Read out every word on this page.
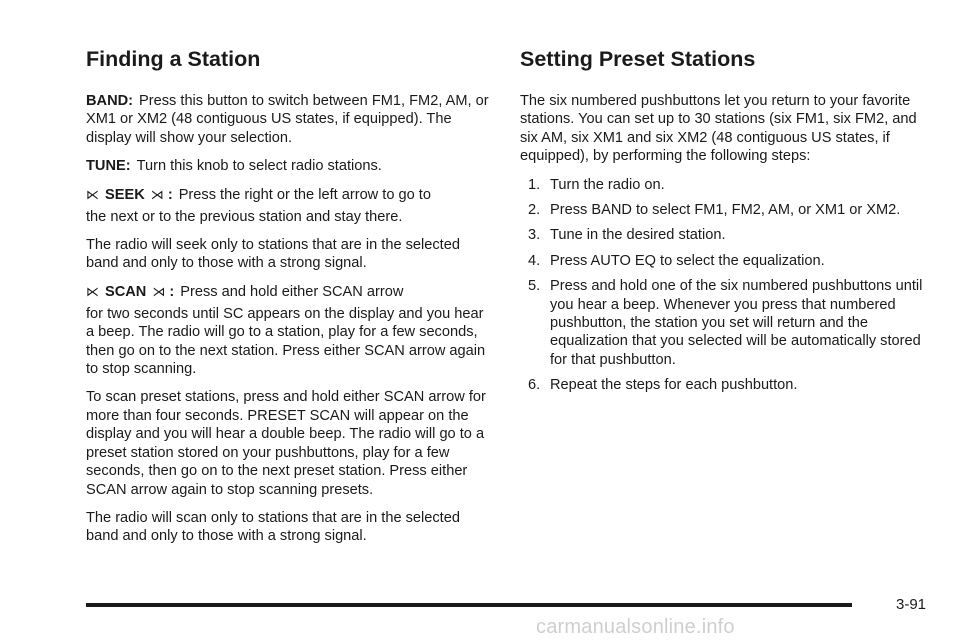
Finding a Station

BAND: Press this button to switch between FM1, FM2, AM, or XM1 or XM2 (48 contiguous US states, if equipped). The display will show your selection.

TUNE: Turn this knob to select radio stations.

⋉ SEEK ⋊ : Press the right or the left arrow to go to

the next or to the previous station and stay there.

The radio will seek only to stations that are in the selected band and only to those with a strong signal.

⋉ SCAN ⋊ : Press and hold either SCAN arrow

for two seconds until SC appears on the display and you hear a beep. The radio will go to a station, play for a few seconds, then go on to the next station. Press either SCAN arrow again to stop scanning.

To scan preset stations, press and hold either SCAN arrow for more than four seconds. PRESET SCAN will appear on the display and you will hear a double beep. The radio will go to a preset station stored on your pushbuttons, play for a few seconds, then go on to the next preset station. Press either SCAN arrow again to stop scanning presets.

The radio will scan only to stations that are in the selected band and only to those with a strong signal.

Setting Preset Stations

The six numbered pushbuttons let you return to your favorite stations. You can set up to 30 stations (six FM1, six FM2, and six AM, six XM1 and six XM2 (48 contiguous US states, if equipped), by performing the following steps:

1. Turn the radio on.
2. Press BAND to select FM1, FM2, AM, or XM1 or XM2.
3. Tune in the desired station.
4. Press AUTO EQ to select the equalization.
5. Press and hold one of the six numbered pushbuttons until you hear a beep. Whenever you press that numbered pushbutton, the station you set will return and the equalization that you selected will be automatically stored for that pushbutton.
6. Repeat the steps for each pushbutton.
3-91
carmanualsonline.info
